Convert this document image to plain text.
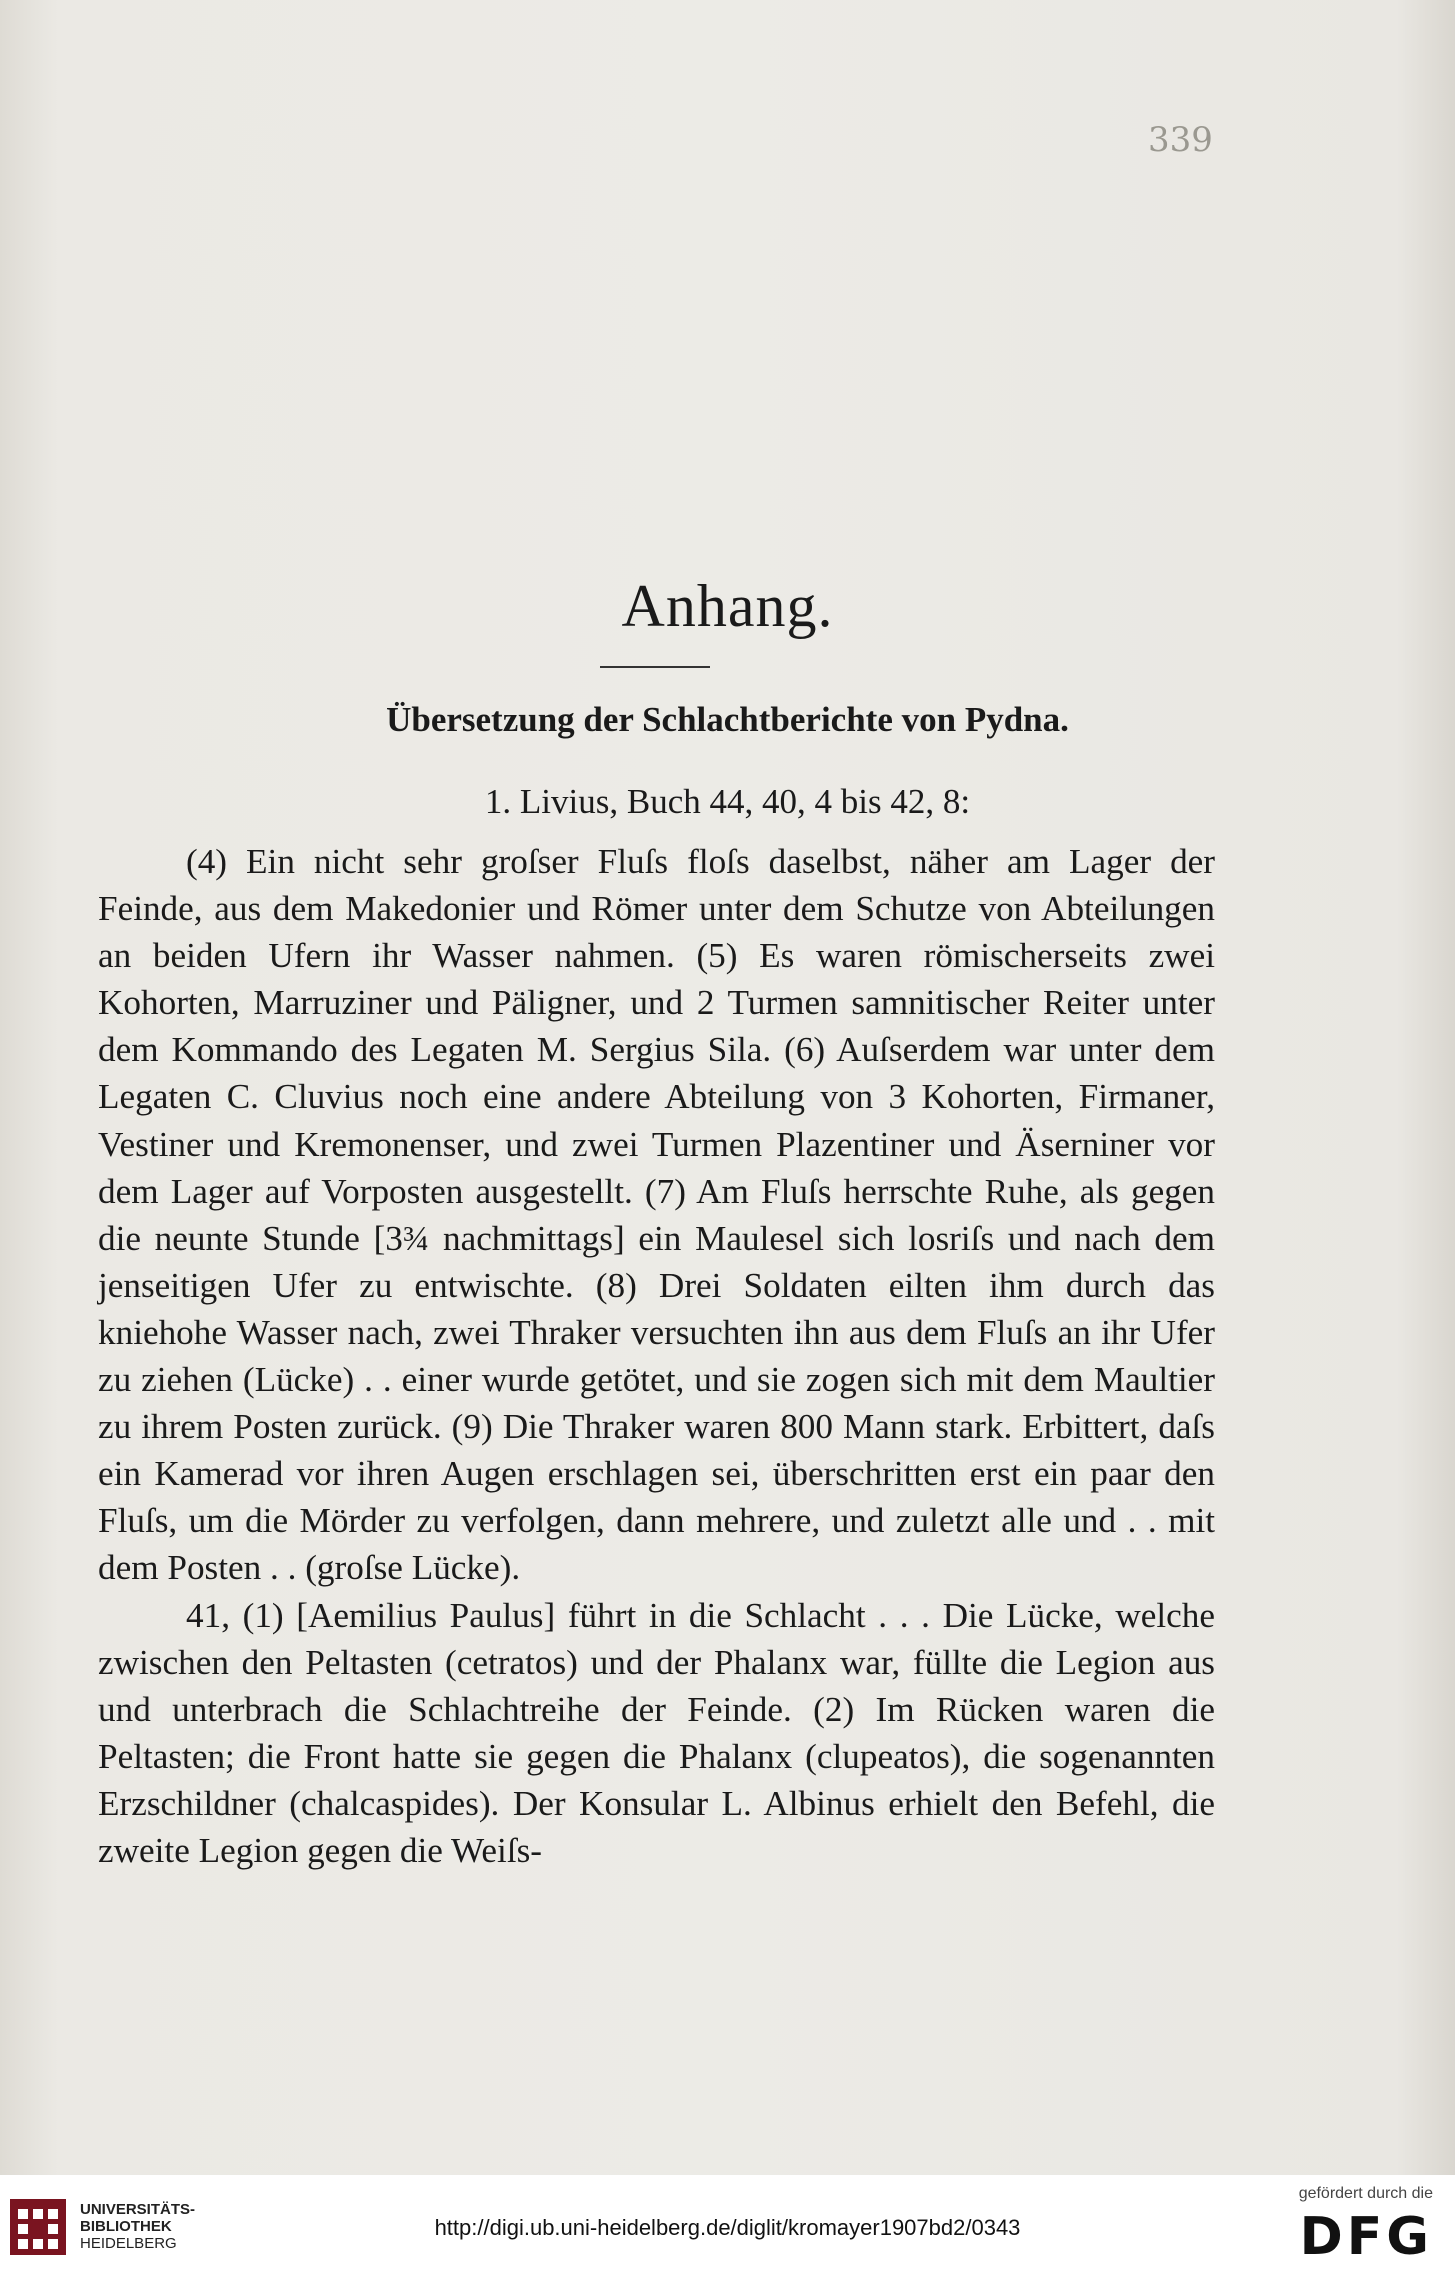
339
Anhang.
Übersetzung der Schlachtberichte von Pydna.
1. Livius, Buch 44, 40, 4 bis 42, 8:

(4) Ein nicht sehr groſser Fluſs floſs daselbst, näher am Lager der Feinde, aus dem Makedonier und Römer unter dem Schutze von Abteilungen an beiden Ufern ihr Wasser nahmen. (5) Es waren römischerseits zwei Kohorten, Marruziner und Päligner, und 2 Turmen samnitischer Reiter unter dem Kommando des Legaten M. Sergius Sila. (6) Auſserdem war unter dem Legaten C. Cluvius noch eine andere Abteilung von 3 Kohorten, Firmaner, Vestiner und Kremonenser, und zwei Turmen Plazentiner und Äserniner vor dem Lager auf Vorposten ausgestellt. (7) Am Fluſs herrschte Ruhe, als gegen die neunte Stunde [3¾ nachmittags] ein Maulesel sich losriſs und nach dem jenseitigen Ufer zu entwischte. (8) Drei Soldaten eilten ihm durch das kniehohe Wasser nach, zwei Thraker versuchten ihn aus dem Fluſs an ihr Ufer zu ziehen (Lücke) . . einer wurde getötet, und sie zogen sich mit dem Maultier zu ihrem Posten zurück. (9) Die Thraker waren 800 Mann stark. Erbittert, daſs ein Kamerad vor ihren Augen erschlagen sei, überschritten erst ein paar den Fluſs, um die Mörder zu verfolgen, dann mehrere, und zuletzt alle und . . mit dem Posten . . (groſse Lücke).

41, (1) [Aemilius Paulus] führt in die Schlacht . . . Die Lücke, welche zwischen den Peltasten (cetratos) und der Phalanx war, füllte die Legion aus und unterbrach die Schlachtreihe der Feinde. (2) Im Rücken waren die Peltasten; die Front hatte sie gegen die Phalanx (clupeatos), die sogenannten Erzschildner (chalcaspides). Der Konsular L. Albinus erhielt den Befehl, die zweite Legion gegen die Weiſs-

UNIVERSITÄTS-
BIBLIOTHEK
HEIDELBERG
http://digi.ub.uni-heidelberg.de/diglit/kromayer1907bd2/0343
gefördert durch die
DFG
